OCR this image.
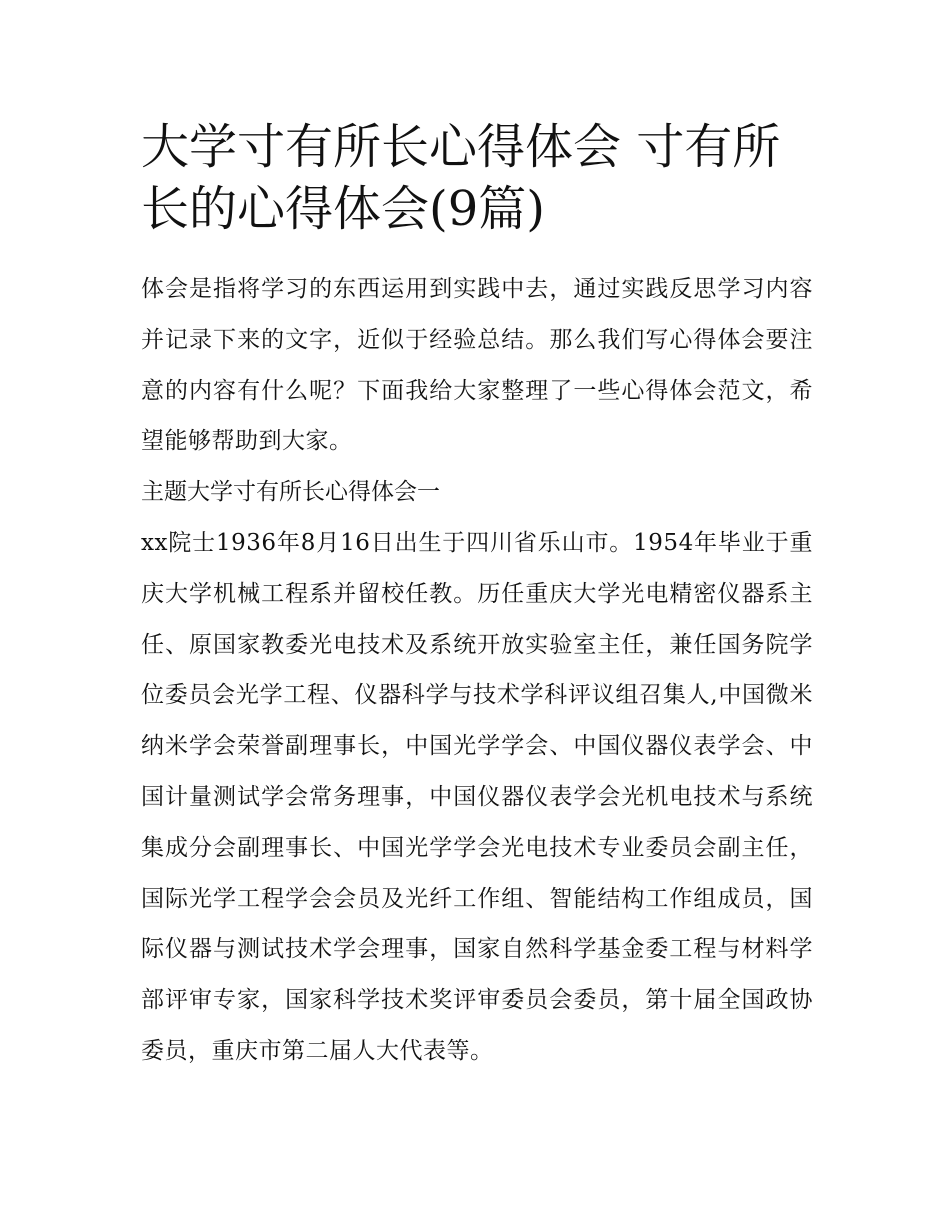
大学寸有所长心得体会 寸有所长的心得体会(9篇)

体会是指将学习的东西运用到实践中去，通过实践反思学习内容并记录下来的文字，近似于经验总结。那么我们写心得体会要注意的内容有什么呢？下面我给大家整理了一些心得体会范文，希望能够帮助到大家。

主题大学寸有所长心得体会一

xx院士1936年8月16日出生于四川省乐山市。1954年毕业于重庆大学机械工程系并留校任教。历任重庆大学光电精密仪器系主任、原国家教委光电技术及系统开放实验室主任，兼任国务院学位委员会光学工程、仪器科学与技术学科评议组召集人,中国微米纳米学会荣誉副理事长，中国光学学会、中国仪器仪表学会、中国计量测试学会常务理事，中国仪器仪表学会光机电技术与系统集成分会副理事长、中国光学学会光电技术专业委员会副主任，国际光学工程学会会员及光纤工作组、智能结构工作组成员，国际仪器与测试技术学会理事，国家自然科学基金委工程与材料学部评审专家，国家科学技术奖评审委员会委员，第十届全国政协委员，重庆市第二届人大代表等。
